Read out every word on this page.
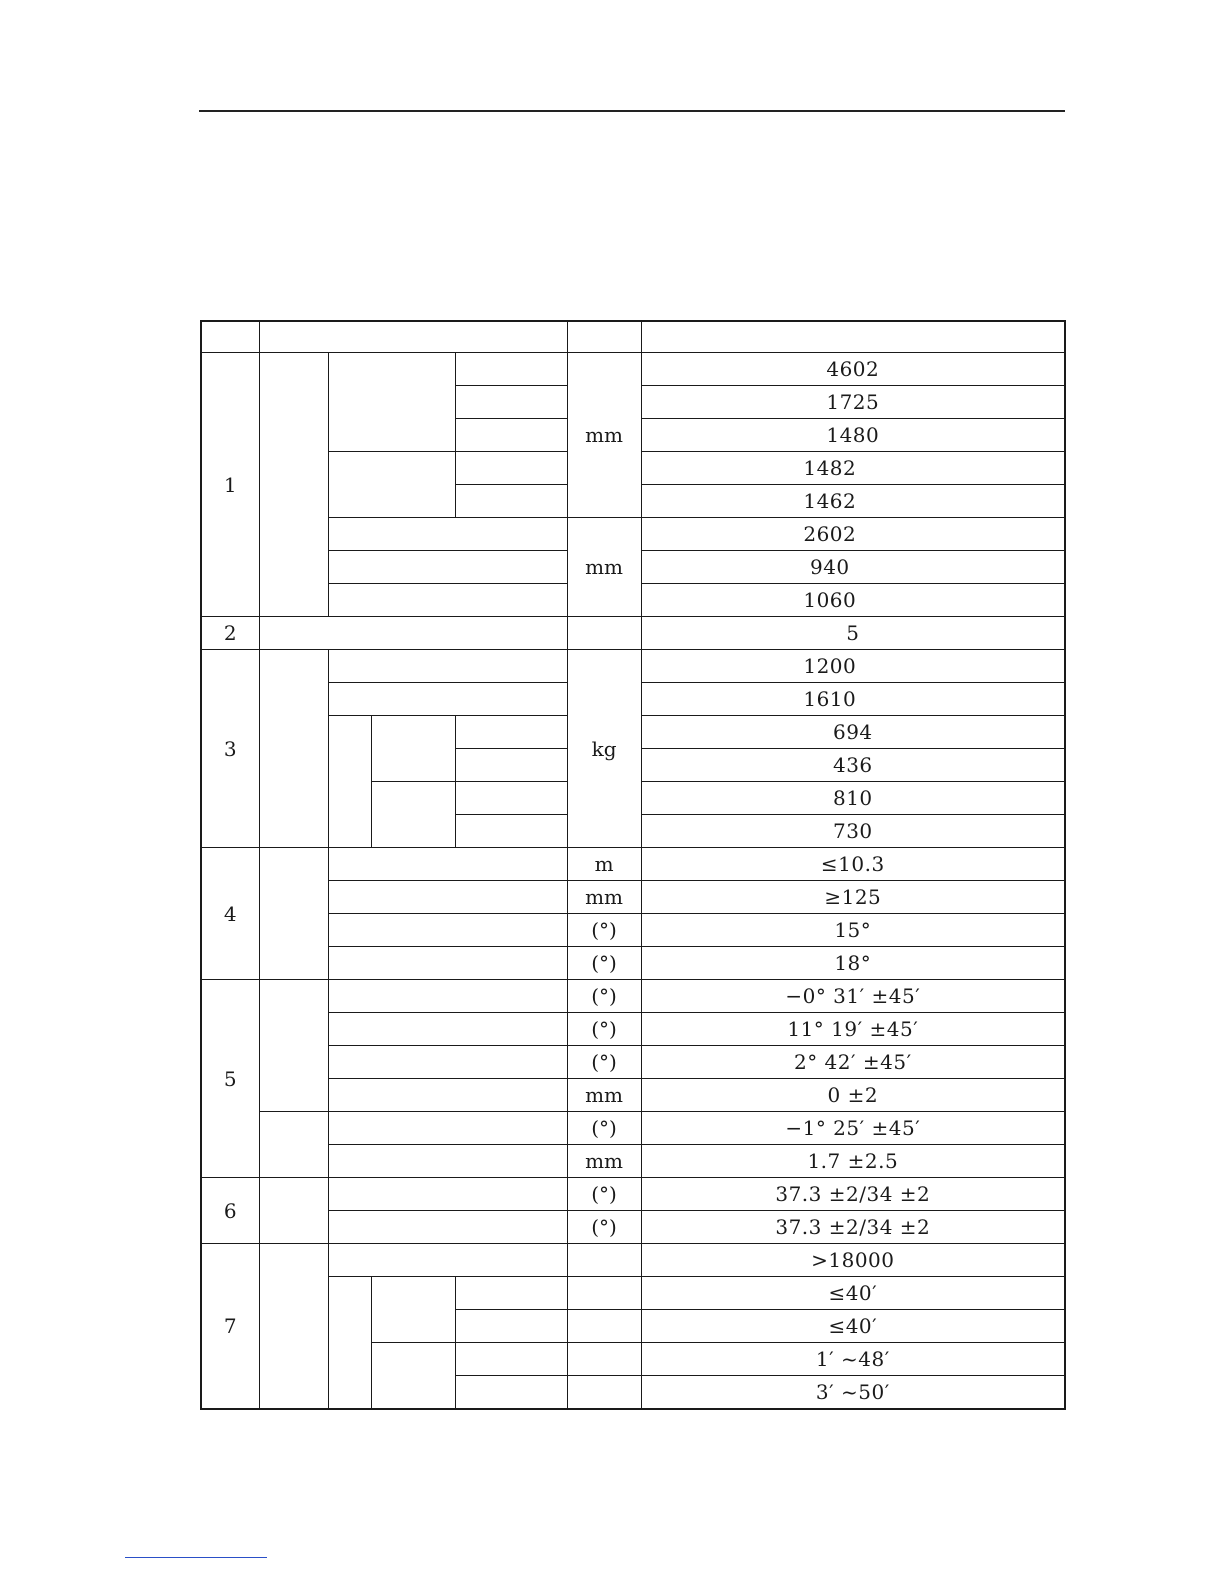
1					mm	4602
						1725
						1480
						1482
						1462
					mm	2602
						940
						1060
2						5
3					kg	1200
						1610
						694
						436
						810
						730
4					m	≤10.3
					mm	≥125
					(°)	15°
					(°)	18°
5					(°)	−0° 31′ ±45′
					(°)	11° 19′ ±45′
					(°)	2° 42′ ±45′
					mm	0 ±2
					(°)	−1° 25′ ±45′
					mm	1.7 ±2.5
6					(°)	37.3 ±2/34 ±2
					(°)	37.3 ±2/34 ±2
7						>18000
						≤40′
						≤40′
						1′ ~48′
						3′ ~50′
